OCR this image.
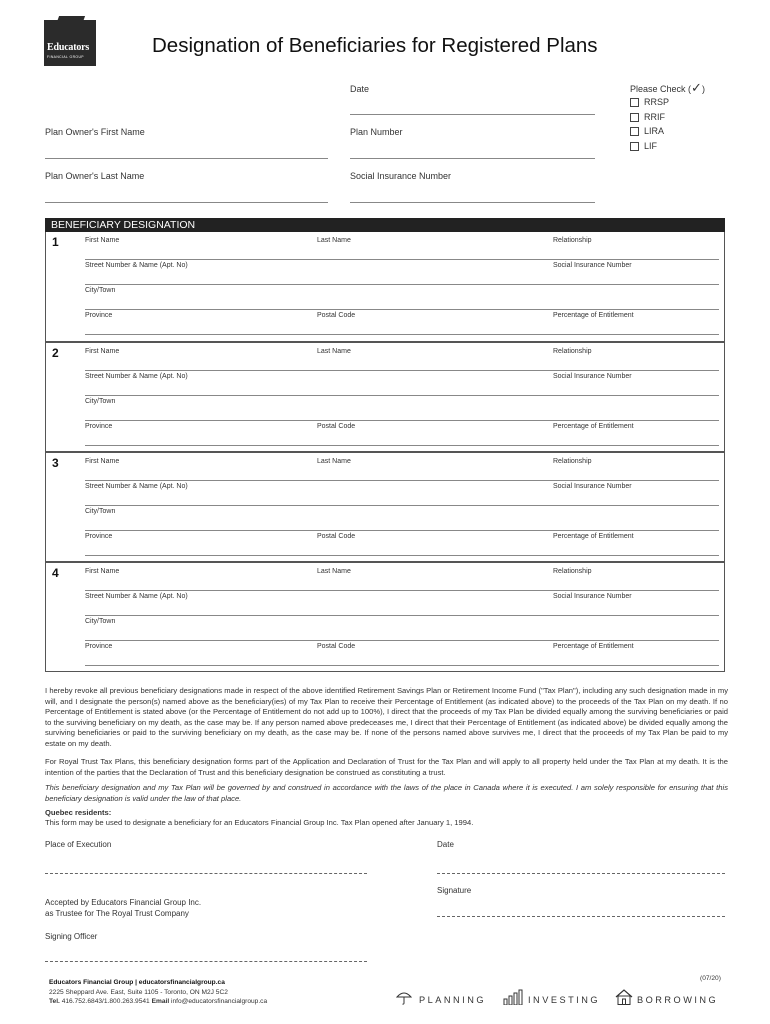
Educators
FINANCIAL GROUP	Designation of Beneficiaries for Registered Plans
Date	Please Check (✓)
RRSP
RRIF
LIRA
LIF
Plan Owner's First Name	Plan Number
Plan Owner's Last Name	Social Insurance Number
BENEFICIARY DESIGNATION
1	First Name	Last Name	Relationship
Street Number & Name (Apt. No)	Social Insurance Number
City/Town
Province	Postal Code	Percentage of Entitlement
2	First Name	Last Name	Relationship
Street Number & Name (Apt. No)	Social Insurance Number
City/Town
Province	Postal Code	Percentage of Entitlement
3	First Name	Last Name	Relationship
Street Number & Name (Apt. No)	Social Insurance Number
City/Town
Province	Postal Code	Percentage of Entitlement
4	First Name	Last Name	Relationship
Street Number & Name (Apt. No)	Social Insurance Number
City/Town
Province	Postal Code	Percentage of Entitlement
I hereby revoke all previous beneficiary designations made in respect of the above identified Retirement Savings Plan or Retirement Income Fund ("Tax Plan"), including any such designation made in my will, and I designate the person(s) named above as the beneficiary(ies) of my Tax Plan to receive their Percentage of Entitlement (as indicated above) to the proceeds of the Tax Plan on my death. If no Percentage of Entitlement is stated above (or the Percentage of Entitlement do not add up to 100%), I direct that the proceeds of my Tax Plan be divided equally among the surviving beneficiaries or paid to the surviving beneficiary on my death, as the case may be. If any person named above predeceases me, I direct that their Percentage of Entitlement (as indicated above) be divided equally among the surviving beneficiaries or paid to the surviving beneficiary on my death, as the case may be. If none of the persons named above survives me, I direct that the proceeds of my Tax Plan be paid to my estate on my death.
For Royal Trust Tax Plans, this beneficiary designation forms part of the Application and Declaration of Trust for the Tax Plan and will apply to all property held under the Tax Plan at my death. It is the intention of the parties that the Declaration of Trust and this beneficiary designation be construed as constituting a trust.
This beneficiary designation and my Tax Plan will be governed by and construed in accordance with the laws of the place in Canada where it is executed. I am solely responsible for ensuring that this beneficiary designation is valid under the law of that place.
Quebec residents:
This form may be used to designate a beneficiary for an Educators Financial Group Inc. Tax Plan opened after January 1, 1994.
Place of Execution	Date
Signature
Accepted by Educators Financial Group Inc.
as Trustee for The Royal Trust Company
Signing Officer
Educators Financial Group | educatorsfinancialgroup.ca
2225 Sheppard Ave. East, Suite 1105 - Toronto, ON M2J 5C2
Tel. 416.752.6843/1.800.263.9541 Email info@educatorsfinancialgroup.ca
(07/20)
PLANNING	INVESTING	BORROWING
